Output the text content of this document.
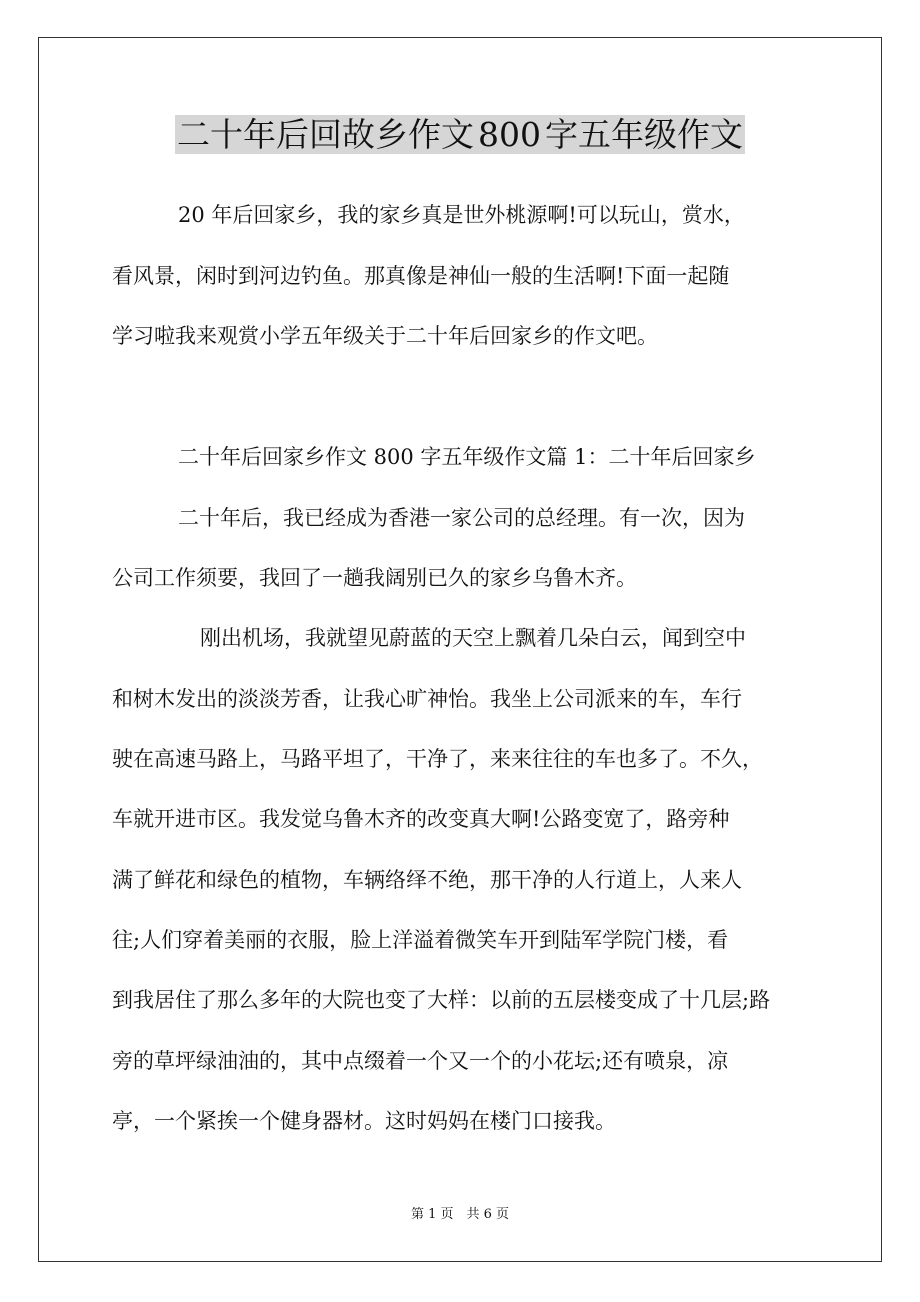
二十年后回故乡作文 800 字五年级作文
20 年后回家乡，我的家乡真是世外桃源啊!可以玩山，赏水，
看风景，闲时到河边钓鱼。那真像是神仙一般的生活啊!下面一起随
学习啦我来观赏小学五年级关于二十年后回家乡的作文吧。
二十年后回家乡作文 800 字五年级作文篇 1：二十年后回家乡
二十年后，我已经成为香港一家公司的总经理。有一次，因为
公司工作须要，我回了一趟我阔别已久的家乡乌鲁木齐。
刚出机场，我就望见蔚蓝的天空上飘着几朵白云，闻到空中
和树木发出的淡淡芳香，让我心旷神怡。我坐上公司派来的车，车行
驶在高速马路上，马路平坦了，干净了，来来往往的车也多了。不久，
车就开进市区。我发觉乌鲁木齐的改变真大啊!公路变宽了，路旁种
满了鲜花和绿色的植物，车辆络绎不绝，那干净的人行道上，人来人
往;人们穿着美丽的衣服，脸上洋溢着微笑车开到陆军学院门楼，看
到我居住了那么多年的大院也变了大样：以前的五层楼变成了十几层;路
旁的草坪绿油油的，其中点缀着一个又一个的小花坛;还有喷泉，凉
亭，一个紧挨一个健身器材。这时妈妈在楼门口接我。
第 1 页　共 6 页
